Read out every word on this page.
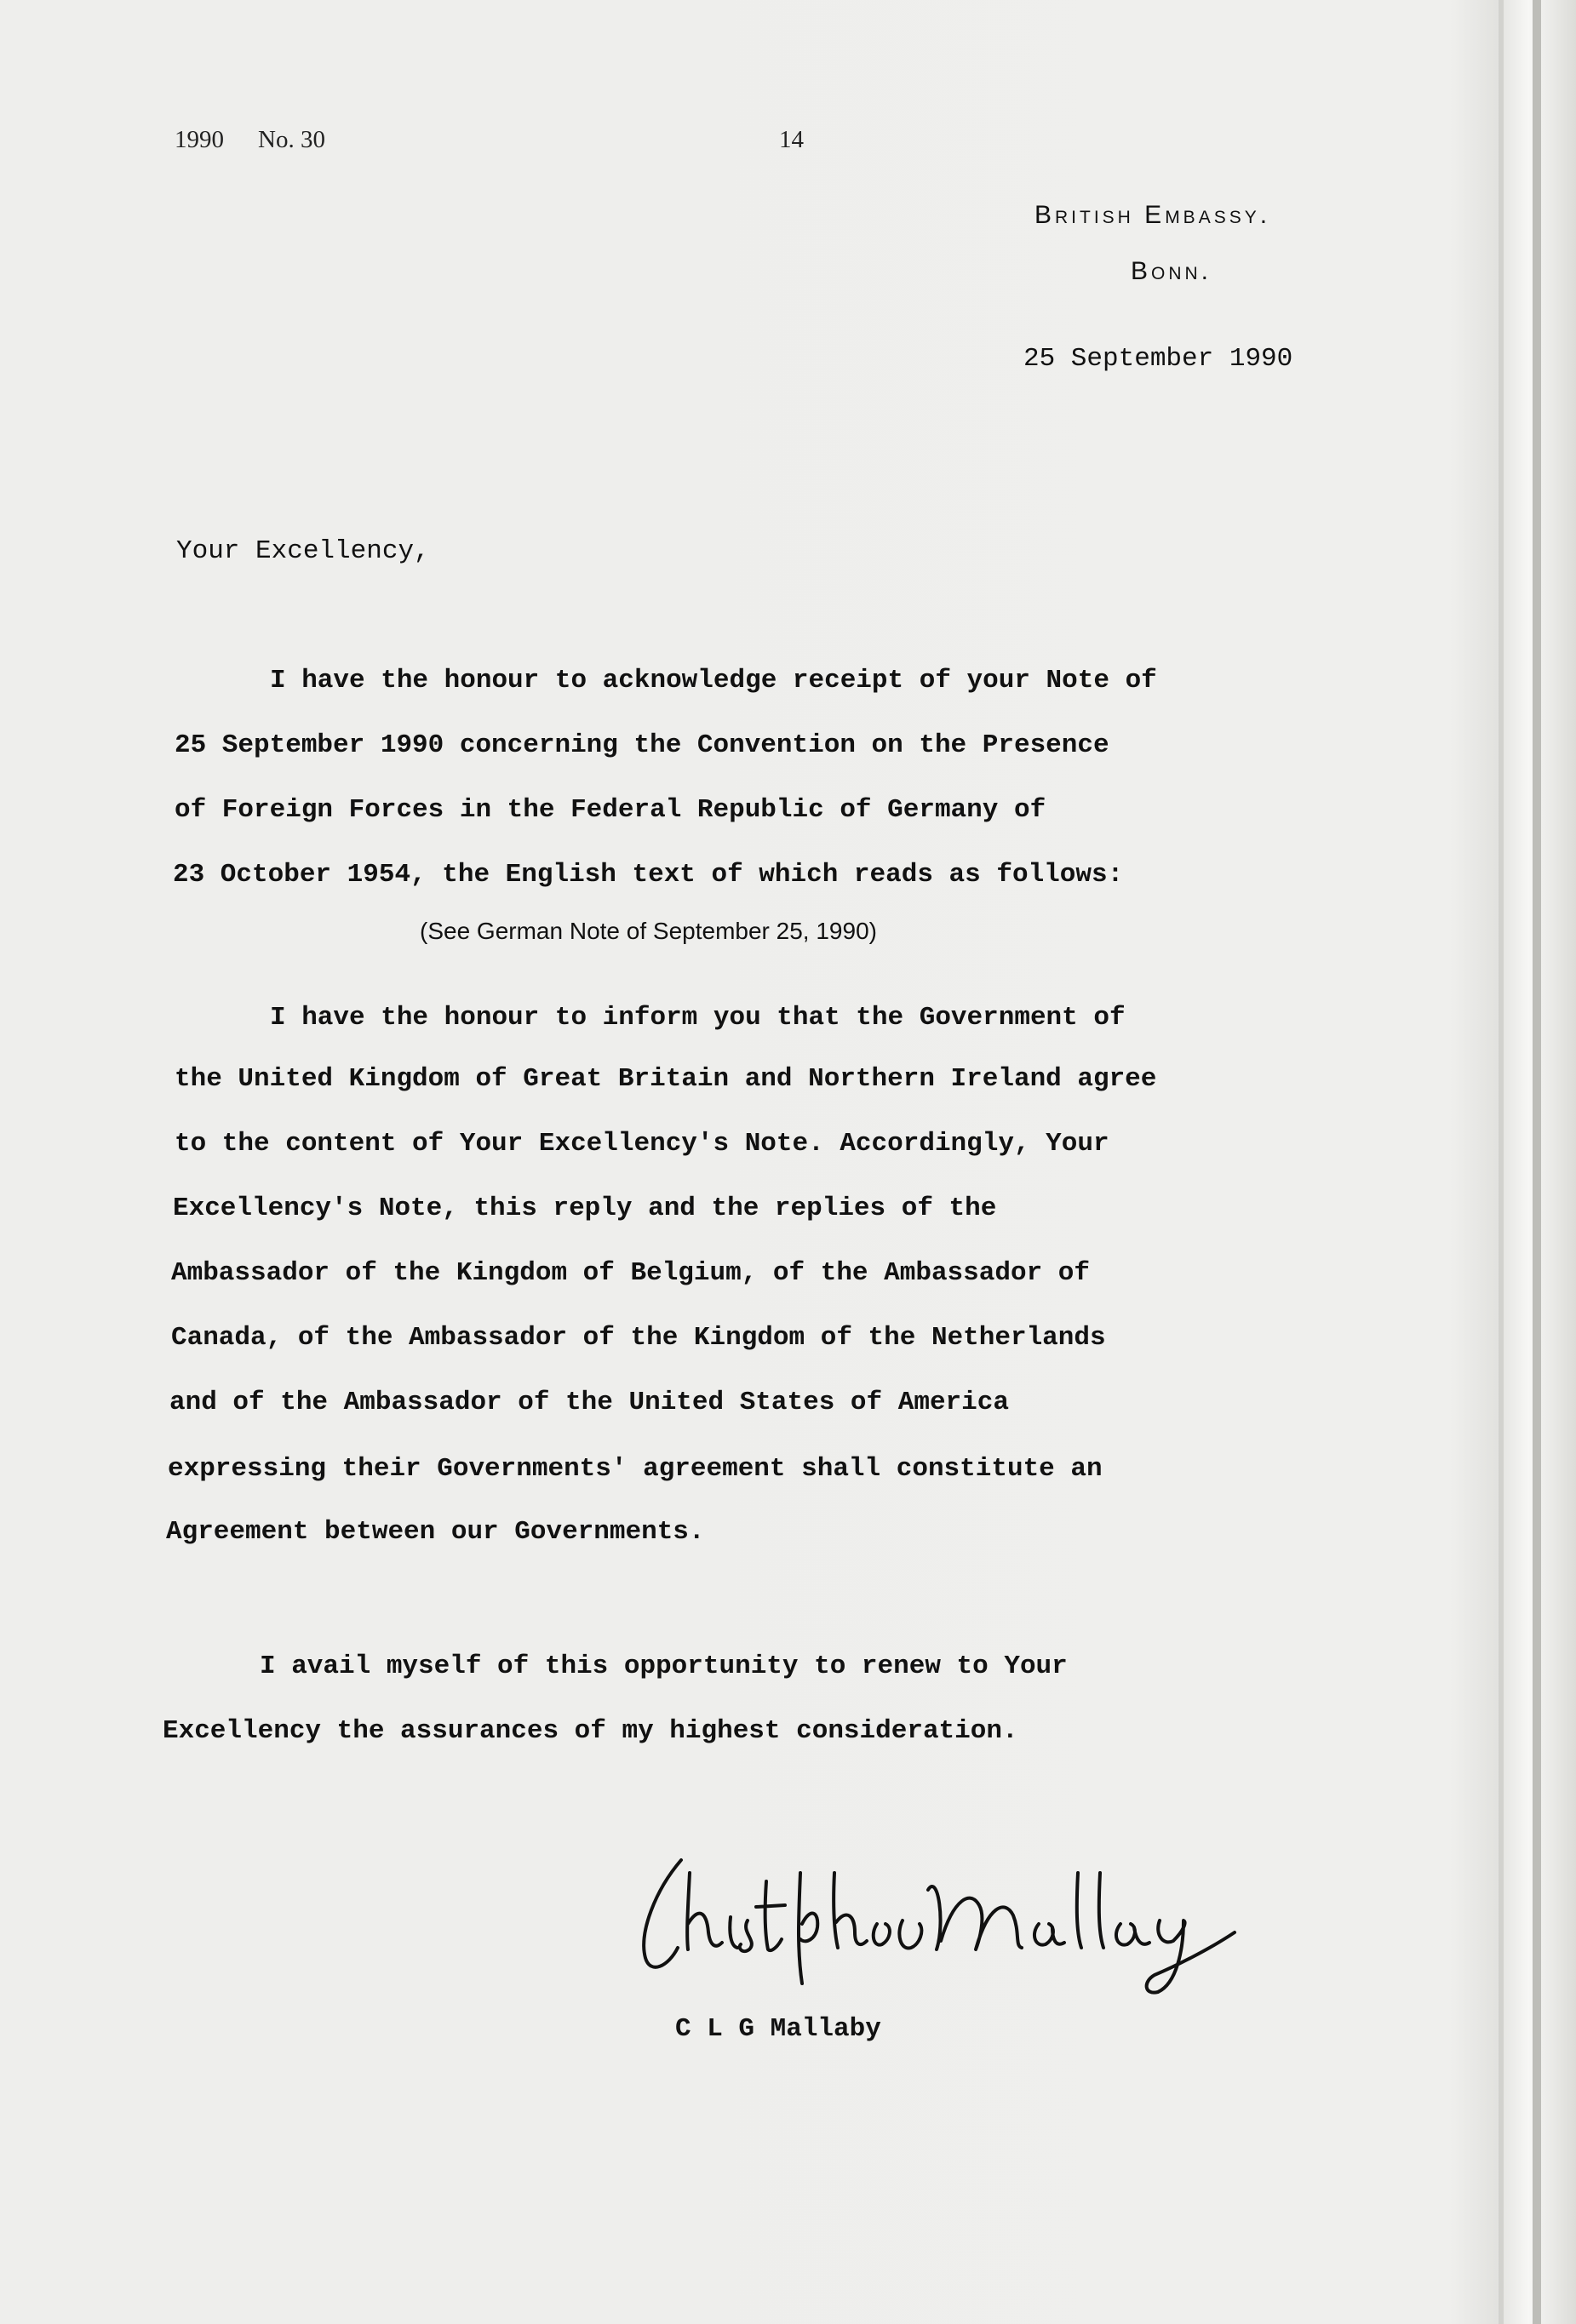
1990 No. 30	14
British Embassy.
Bonn.
25 September 1990
Your Excellency,
I have the honour to acknowledge receipt of your Note of
25 September 1990 concerning the Convention on the Presence
of Foreign Forces in the Federal Republic of Germany of
23 October 1954, the English text of which reads as follows:
(See German Note of September 25, 1990)
I have the honour to inform you that the Government of
the United Kingdom of Great Britain and Northern Ireland agree
to the content of Your Excellency's Note. Accordingly, Your
Excellency's Note, this reply and the replies of the
Ambassador of the Kingdom of Belgium, of the Ambassador of
Canada, of the Ambassador of the Kingdom of the Netherlands
and of the Ambassador of the United States of America
expressing their Governments' agreement shall constitute an
Agreement between our Governments.
I avail myself of this opportunity to renew to Your
Excellency the assurances of my highest consideration.
C L G Mallaby
